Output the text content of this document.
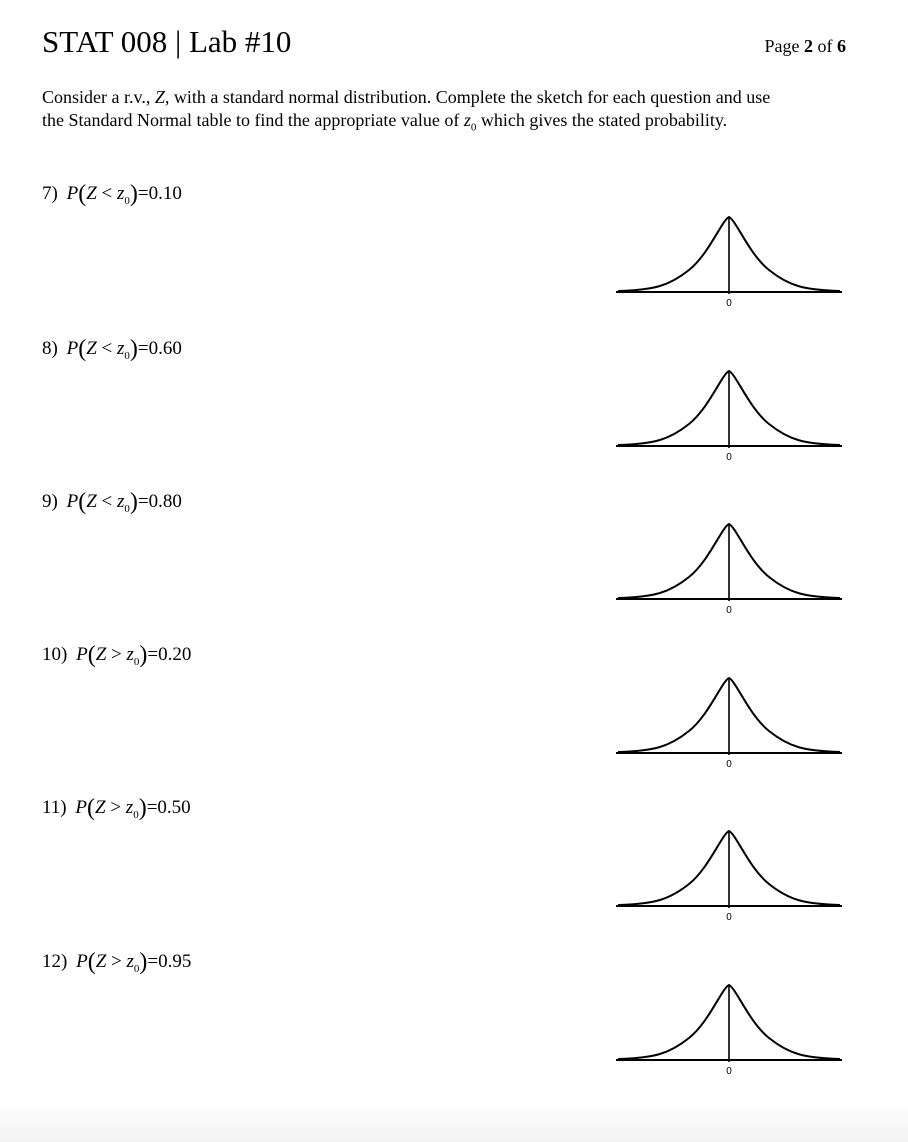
STAT 008 | Lab #10	Page 2 of 6

Consider a r.v., Z, with a standard normal distribution. Complete the sketch for each question and use

the Standard Normal table to find the appropriate value of $z_0$ which gives the stated probability.

7) $P(Z < z_0)=0.10$
0
8) $P(Z < z_0)=0.60$
0
9) $P(Z < z_0)=0.80$
0
10) $P(Z > z_0)=0.20$
0
11) $P(Z > z_0)=0.50$
0
12) $P(Z > z_0)=0.95$
0
